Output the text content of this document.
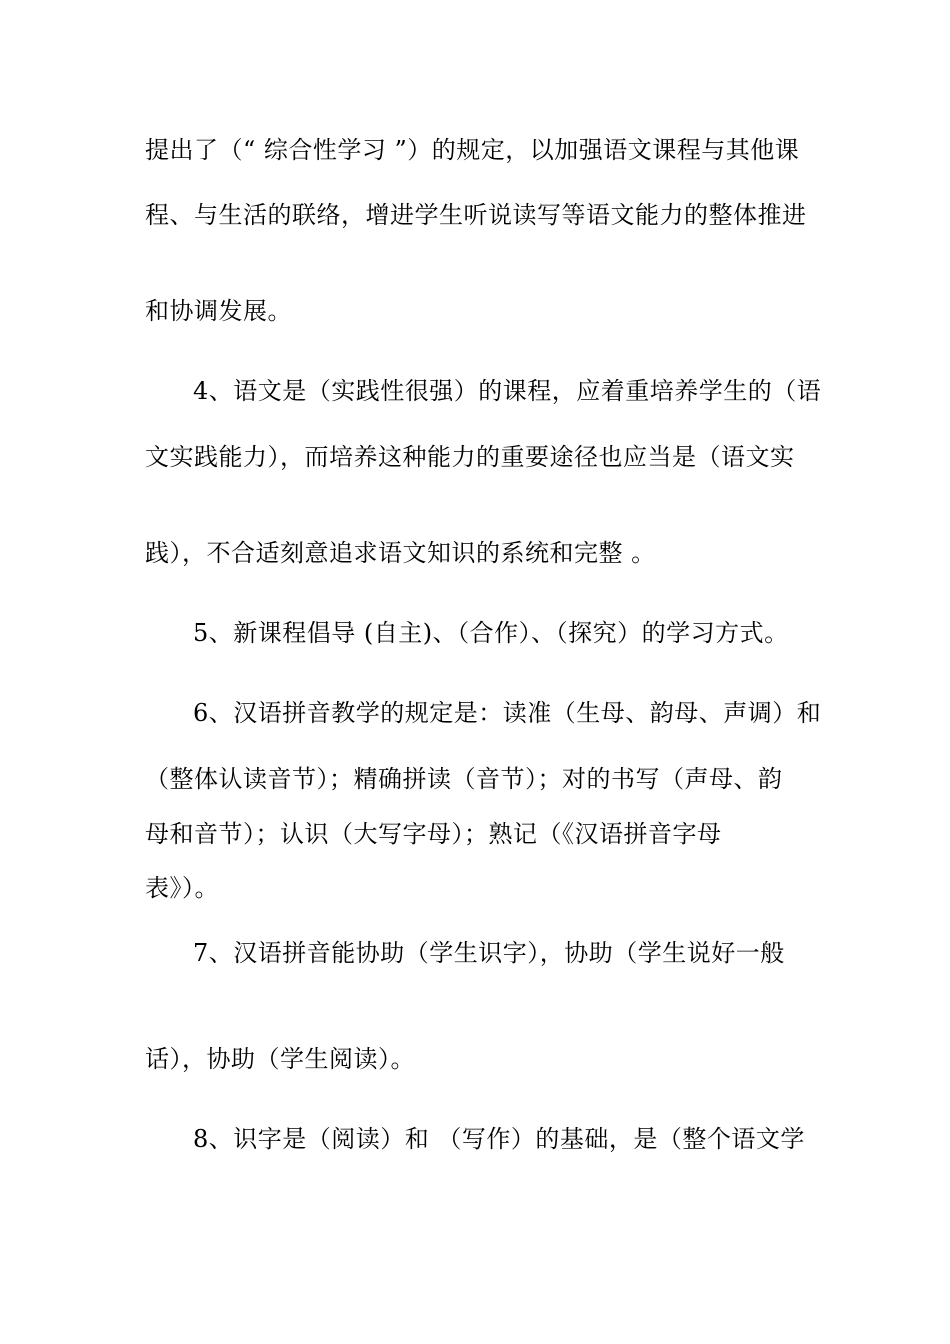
提出了（“ 综合性学习 ”）的规定，以加强语文课程与其他课
程、与生活的联络，增进学生听说读写等语文能力的整体推进
和协调发展。
4、语文是（实践性很强）的课程，应着重培养学生的（语
文实践能力），而培养这种能力的重要途径也应当是（语文实
践），不合适刻意追求语文知识的系统和完整 。
5、新课程倡导 (自主)、（合作）、（探究）的学习方式。
6、汉语拼音教学的规定是：读准（生母、韵母、声调）和
（整体认读音节）；精确拼读（音节）；对的书写（声母、韵
母和音节）；认识（大写字母）；熟记（《汉语拼音字母
表》）。
7、汉语拼音能协助（学生识字），协助（学生说好一般
话），协助（学生阅读）。
8、识字是（阅读）和 （写作）的基础，是（整个语文学
